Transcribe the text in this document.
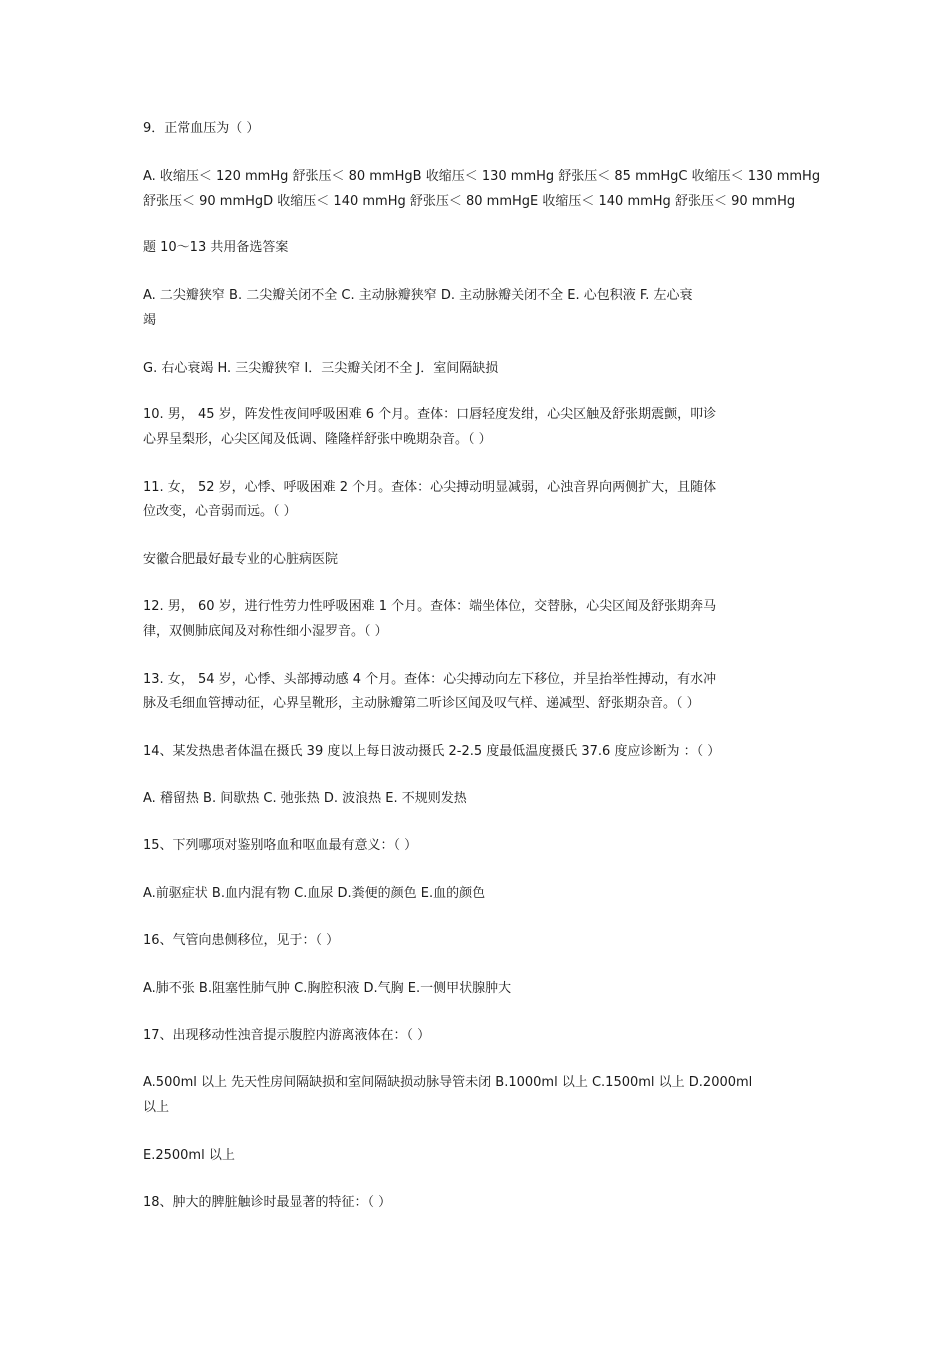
9．正常血压为（ ）
A. 收缩压＜ 120 mmHg 舒张压＜ 80 mmHgB 收缩压＜ 130 mmHg 舒张压＜ 85 mmHgC 收缩压＜ 130 mmHg
舒张压＜ 90 mmHgD 收缩压＜ 140 mmHg 舒张压＜ 80 mmHgE 收缩压＜ 140 mmHg 舒张压＜ 90 mmHg
题 10～13 共用备选答案
A. 二尖瓣狭窄 B. 二尖瓣关闭不全 C. 主动脉瓣狭窄 D. 主动脉瓣关闭不全 E. 心包积液 F. 左心衰
竭
G. 右心衰竭 H. 三尖瓣狭窄 I．三尖瓣关闭不全 J．室间隔缺损
10. 男， 45 岁，阵发性夜间呼吸困难 6 个月。查体：口唇轻度发绀，心尖区触及舒张期震颤，叩诊
心界呈梨形，心尖区闻及低调、隆隆样舒张中晚期杂音。（ ）
11. 女， 52 岁，心悸、呼吸困难 2 个月。查体：心尖搏动明显减弱，心浊音界向两侧扩大，且随体
位改变，心音弱而远。（ ）
安徽合肥最好最专业的心脏病医院
12. 男， 60 岁，进行性劳力性呼吸困难 1 个月。查体：端坐体位，交替脉，心尖区闻及舒张期奔马
律，双侧肺底闻及对称性细小湿罗音。（ ）
13. 女， 54 岁，心悸、头部搏动感 4 个月。查体：心尖搏动向左下移位，并呈抬举性搏动，有水冲
脉及毛细血管搏动征，心界呈靴形，主动脉瓣第二听诊区闻及叹气样、递减型、舒张期杂音。（ ）
14、某发热患者体温在摄氏 39 度以上每日波动摄氏 2-2.5 度最低温度摄氏 37.6 度应诊断为 ：（ ）
A. 稽留热 B. 间歇热 C. 弛张热 D. 波浪热 E. 不规则发热
15、下列哪项对鉴别咯血和呕血最有意义：（ ）
A.前驱症状 B.血内混有物 C.血尿 D.粪便的颜色 E.血的颜色
16、气管向患侧移位，见于：（ ）
A.肺不张 B.阻塞性肺气肿 C.胸腔积液 D.气胸 E.一侧甲状腺肿大
17、出现移动性浊音提示腹腔内游离液体在：（ ）
A.500ml 以上 先天性房间隔缺损和室间隔缺损动脉导管未闭 B.1000ml 以上 C.1500ml 以上 D.2000ml
以上
E.2500ml 以上
18、肿大的脾脏触诊时最显著的特征：（ ）
